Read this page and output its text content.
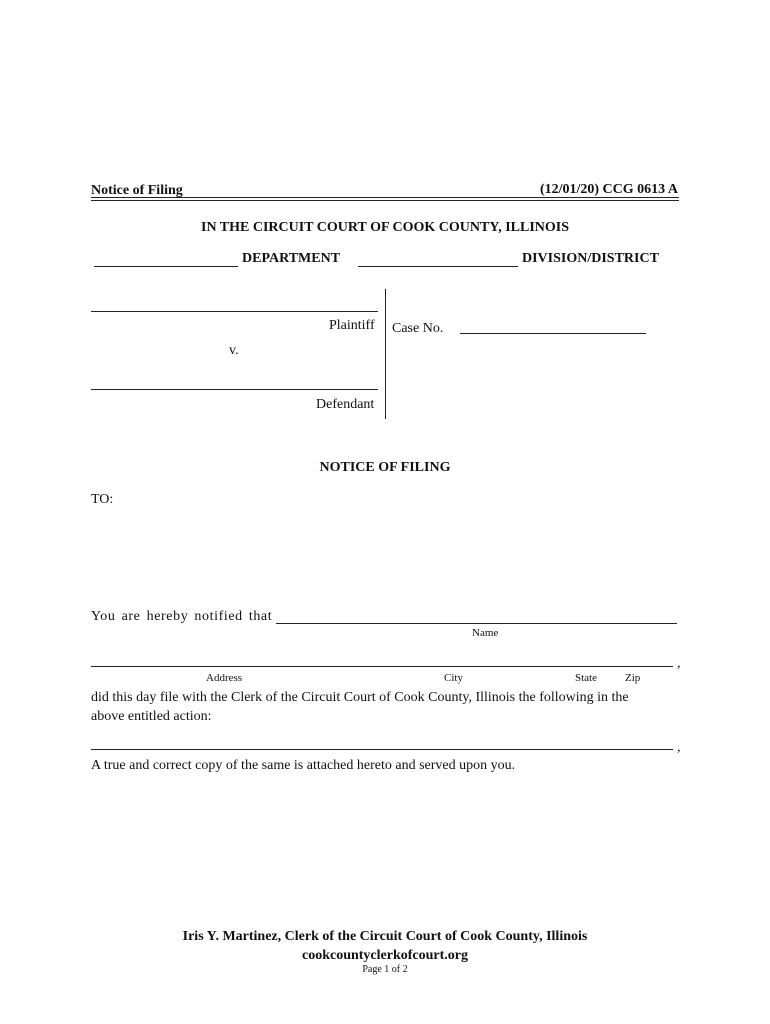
Notice of Filing	(12/01/20) CCG 0613 A
IN THE CIRCUIT COURT OF COOK COUNTY, ILLINOIS
DEPARTMENT	DIVISION/DISTRICT
Plaintiff
v.
Defendant
Case No.
NOTICE OF FILING
TO:
You are hereby notified that
Name
,
Address	City	State	Zip
did this day file with the Clerk of the Circuit Court of Cook County, Illinois the following in the
above entitled action:
,
A true and correct copy of the same is attached hereto and served upon you.
Iris Y. Martinez, Clerk of the Circuit Court of Cook County, Illinois
cookcountyclerkofcourt.org
Page 1 of 2
